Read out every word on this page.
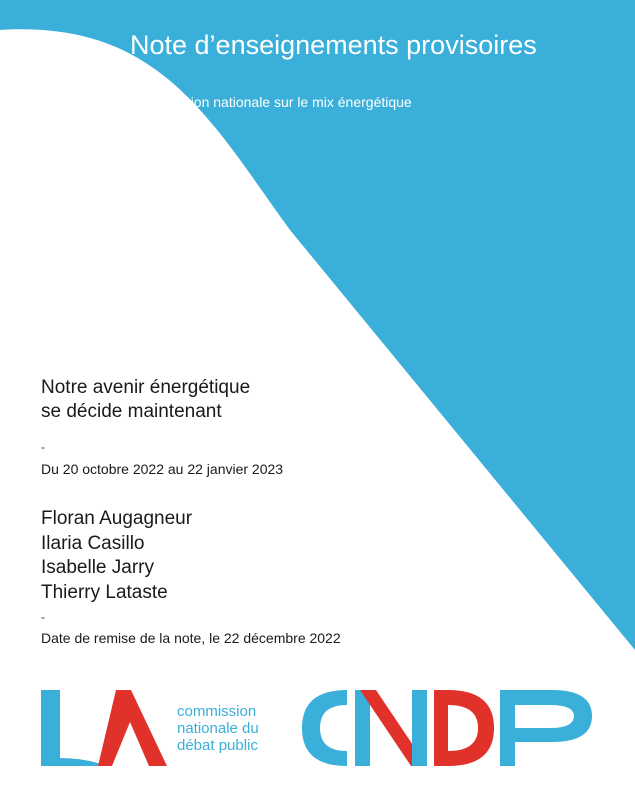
Note d’enseignements provisoires
Concertation nationale sur le mix énergétique
Notre avenir énergétique
se décide maintenant
-
Du 20 octobre 2022 au 22 janvier 2023
Floran Augagneur
Ilaria Casillo
Isabelle Jarry
Thierry Lataste
-
Date de remise de la note, le 22 décembre 2022
commission
nationale du
débat public
